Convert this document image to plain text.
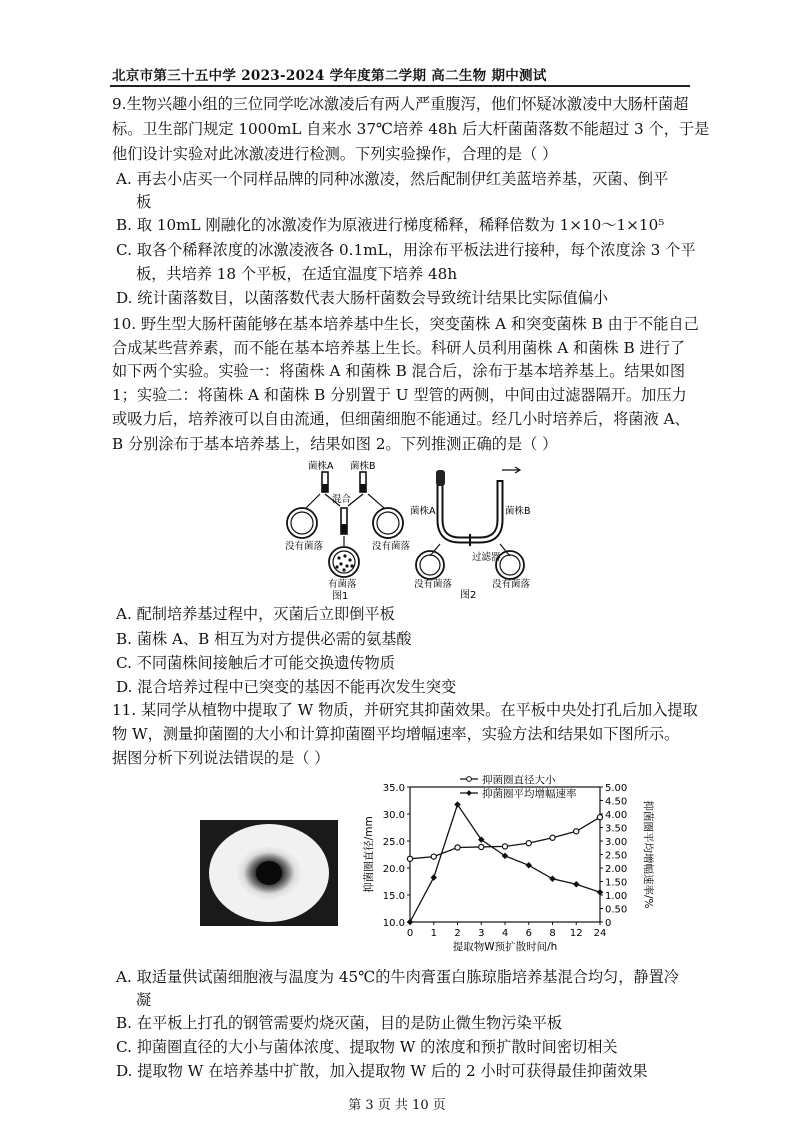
北京市第三十五中学 2023-2024 学年度第二学期 高二生物 期中测试
9.生物兴趣小组的三位同学吃冰激凌后有两人严重腹泻，他们怀疑冰激凌中大肠杆菌超
标。卫生部门规定 1000mL 自来水 37℃培养 48h 后大杆菌菌落数不能超过 3 个，于是
他们设计实验对此冰激凌进行检测。下列实验操作，合理的是（ ）
A. 再去小店买一个同样品牌的同种冰激凌，然后配制伊红美蓝培养基，灭菌、倒平
板
B. 取 10mL 刚融化的冰激凌作为原液进行梯度稀释，稀释倍数为 1×10～1×10⁵
C. 取各个稀释浓度的冰激凌液各 0.1mL，用涂布平板法进行接种，每个浓度涂 3 个平
板，共培养 18 个平板，在适宜温度下培养 48h
D. 统计菌落数目，以菌落数代表大肠杆菌数会导致统计结果比实际值偏小
10. 野生型大肠杆菌能够在基本培养基中生长，突变菌株 A 和突变菌株 B 由于不能自己
合成某些营养素，而不能在基本培养基上生长。科研人员利用菌株 A 和菌株 B 进行了
如下两个实验。实验一：将菌株 A 和菌株 B 混合后，涂布于基本培养基上。结果如图
1；实验二：将菌株 A 和菌株 B 分别置于 U 型管的两侧，中间由过滤器隔开。加压力
或吸力后，培养液可以自由流通，但细菌细胞不能通过。经几小时培养后，将菌液 A、
B 分别涂布于基本培养基上，结果如图 2。下列推测正确的是（ ）
菌株A 菌株B
混合
没有菌落	没有菌落
有菌落
图1
菌株A	菌株B
过滤器
没有菌落	没有菌落
图2
A. 配制培养基过程中，灭菌后立即倒平板
B. 菌株 A、B 相互为对方提供必需的氨基酸
C. 不同菌株间接触后才可能交换遗传物质
D. 混合培养过程中已突变的基因不能再次发生突变
11. 某同学从植物中提取了 W 物质，并研究其抑菌效果。在平板中央处打孔后加入提取
物 W，测量抑菌圈的大小和计算抑菌圈平均增幅速率，实验方法和结果如下图所示。
据图分析下列说法错误的是（ ）
10.0
15.0
20.0
25.0
30.0
35.0
0
0.50
1.00
1.50
2.00
2.50
3.00
3.50
4.00
4.50
5.00
0 1 2 3 4 6 8 12 24
提取物W预扩散时间/h
抑菌圈直径/mm	抑菌圈平均增幅速率/%
抑菌圈直径大小
抑菌圈平均增幅速率
A. 取适量供试菌细胞液与温度为 45℃的牛肉膏蛋白胨琼脂培养基混合均匀，静置冷
凝
B. 在平板上打孔的钢管需要灼烧灭菌，目的是防止微生物污染平板
C. 抑菌圈直径的大小与菌体浓度、提取物 W 的浓度和预扩散时间密切相关
D. 提取物 W 在培养基中扩散，加入提取物 W 后的 2 小时可获得最佳抑菌效果
第 3 页 共 10 页
